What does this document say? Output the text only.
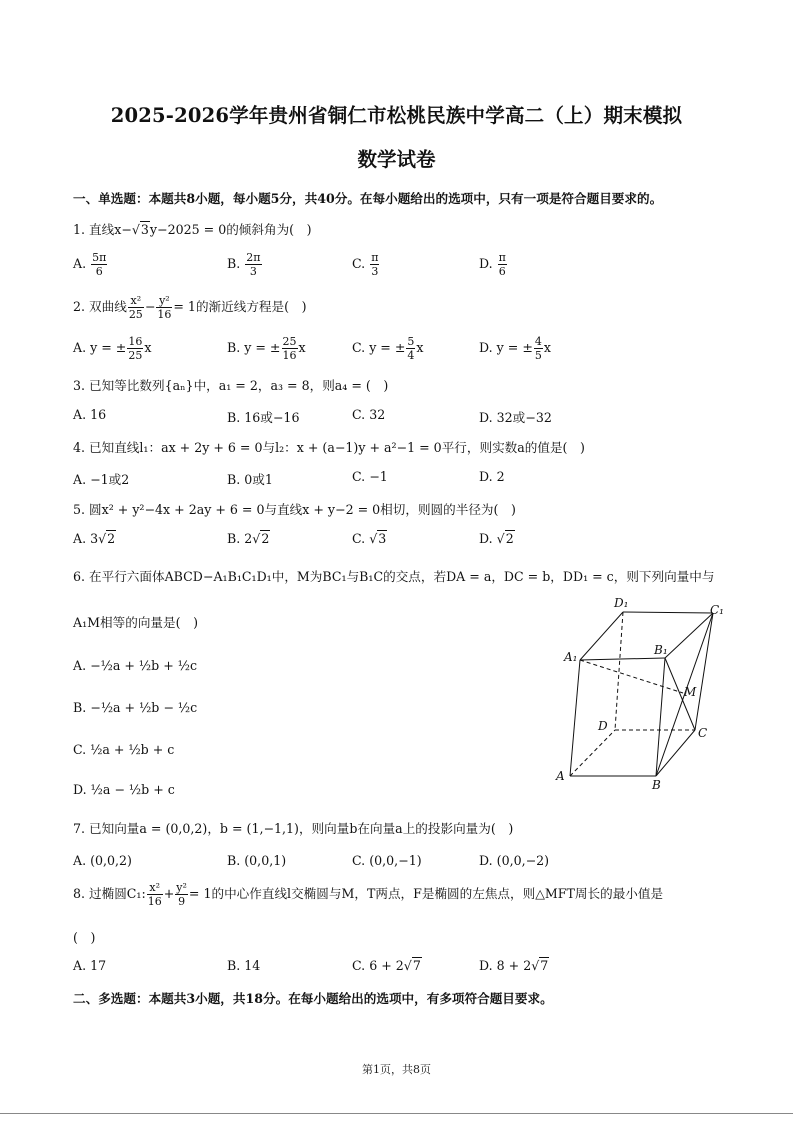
2025-2026学年贵州省铜仁市松桃民族中学高二（上）期末模拟
数学试卷
一、单选题：本题共8小题，每小题5分，共40分。在每小题给出的选项中，只有一项是符合题目要求的。
1. 直线x−√3y−2025 = 0的倾斜角为(　)
A. $\frac{5\pi}{6}$	B. $\frac{2\pi}{3}$	C. $\frac{\pi}{3}$	D. $\frac{\pi}{6}$
2. 双曲线 $\frac{\text{x²}}{25} - \frac{\text{y²}}{16} = 1$的渐近线方程是(　)
A. y = ± $\frac{16}{25}$ x	B. y = ± $\frac{25}{16}$ x	C. y = ± $\frac{5}{4}$ x	D. y = ± $\frac{4}{5}$ x
3. 已知等比数列{aₙ}中，a₁ = 2，a₃ = 8，则a₄ = (　)
A. 16	B. 16或−16	C. 32	D. 32或−32
4. 已知直线l₁：ax + 2y + 6 = 0与l₂：x + (a−1)y + a²−1 = 0平行，则实数a的值是(　)
A. −1或2	B. 0或1	C. −1	D. 2
5. 圆x² + y²−4x + 2ay + 6 = 0与直线x + y−2 = 0相切，则圆的半径为(　)
A. 3√2	B. 2√2	C. √3	D. √2
6. 在平行六面体ABCD−A₁B₁C₁D₁中，M为BC₁与B₁C的交点，若DA = a，DC = b，DD₁ = c，则下列向量中与
A₁M相等的向量是(　)
A. −½a + ½b + ½c
B. −½a + ½b − ½c
C. ½a + ½b + c
D. ½a − ½b + c
D₁	C₁
A₁	B₁
M
D	C
A
B
7. 已知向量a = (0,0,2)，b = (1,−1,1)，则向量b在向量a上的投影向量为(　)
A. (0,0,2)	B. (0,0,1)	C. (0,0,−1)	D. (0,0,−2)
8. 过椭圆C₁: $\frac{\text{x²}}{16} + \frac{\text{y²}}{9} = 1$的中心作直线l交椭圆与M，T两点，F是椭圆的左焦点，则△MFT周长的最小值是
(　)
A. 17	B. 14	C. 6 + 2√7	D. 8 + 2√7
二、多选题：本题共3小题，共18分。在每小题给出的选项中，有多项符合题目要求。
第1页，共8页
